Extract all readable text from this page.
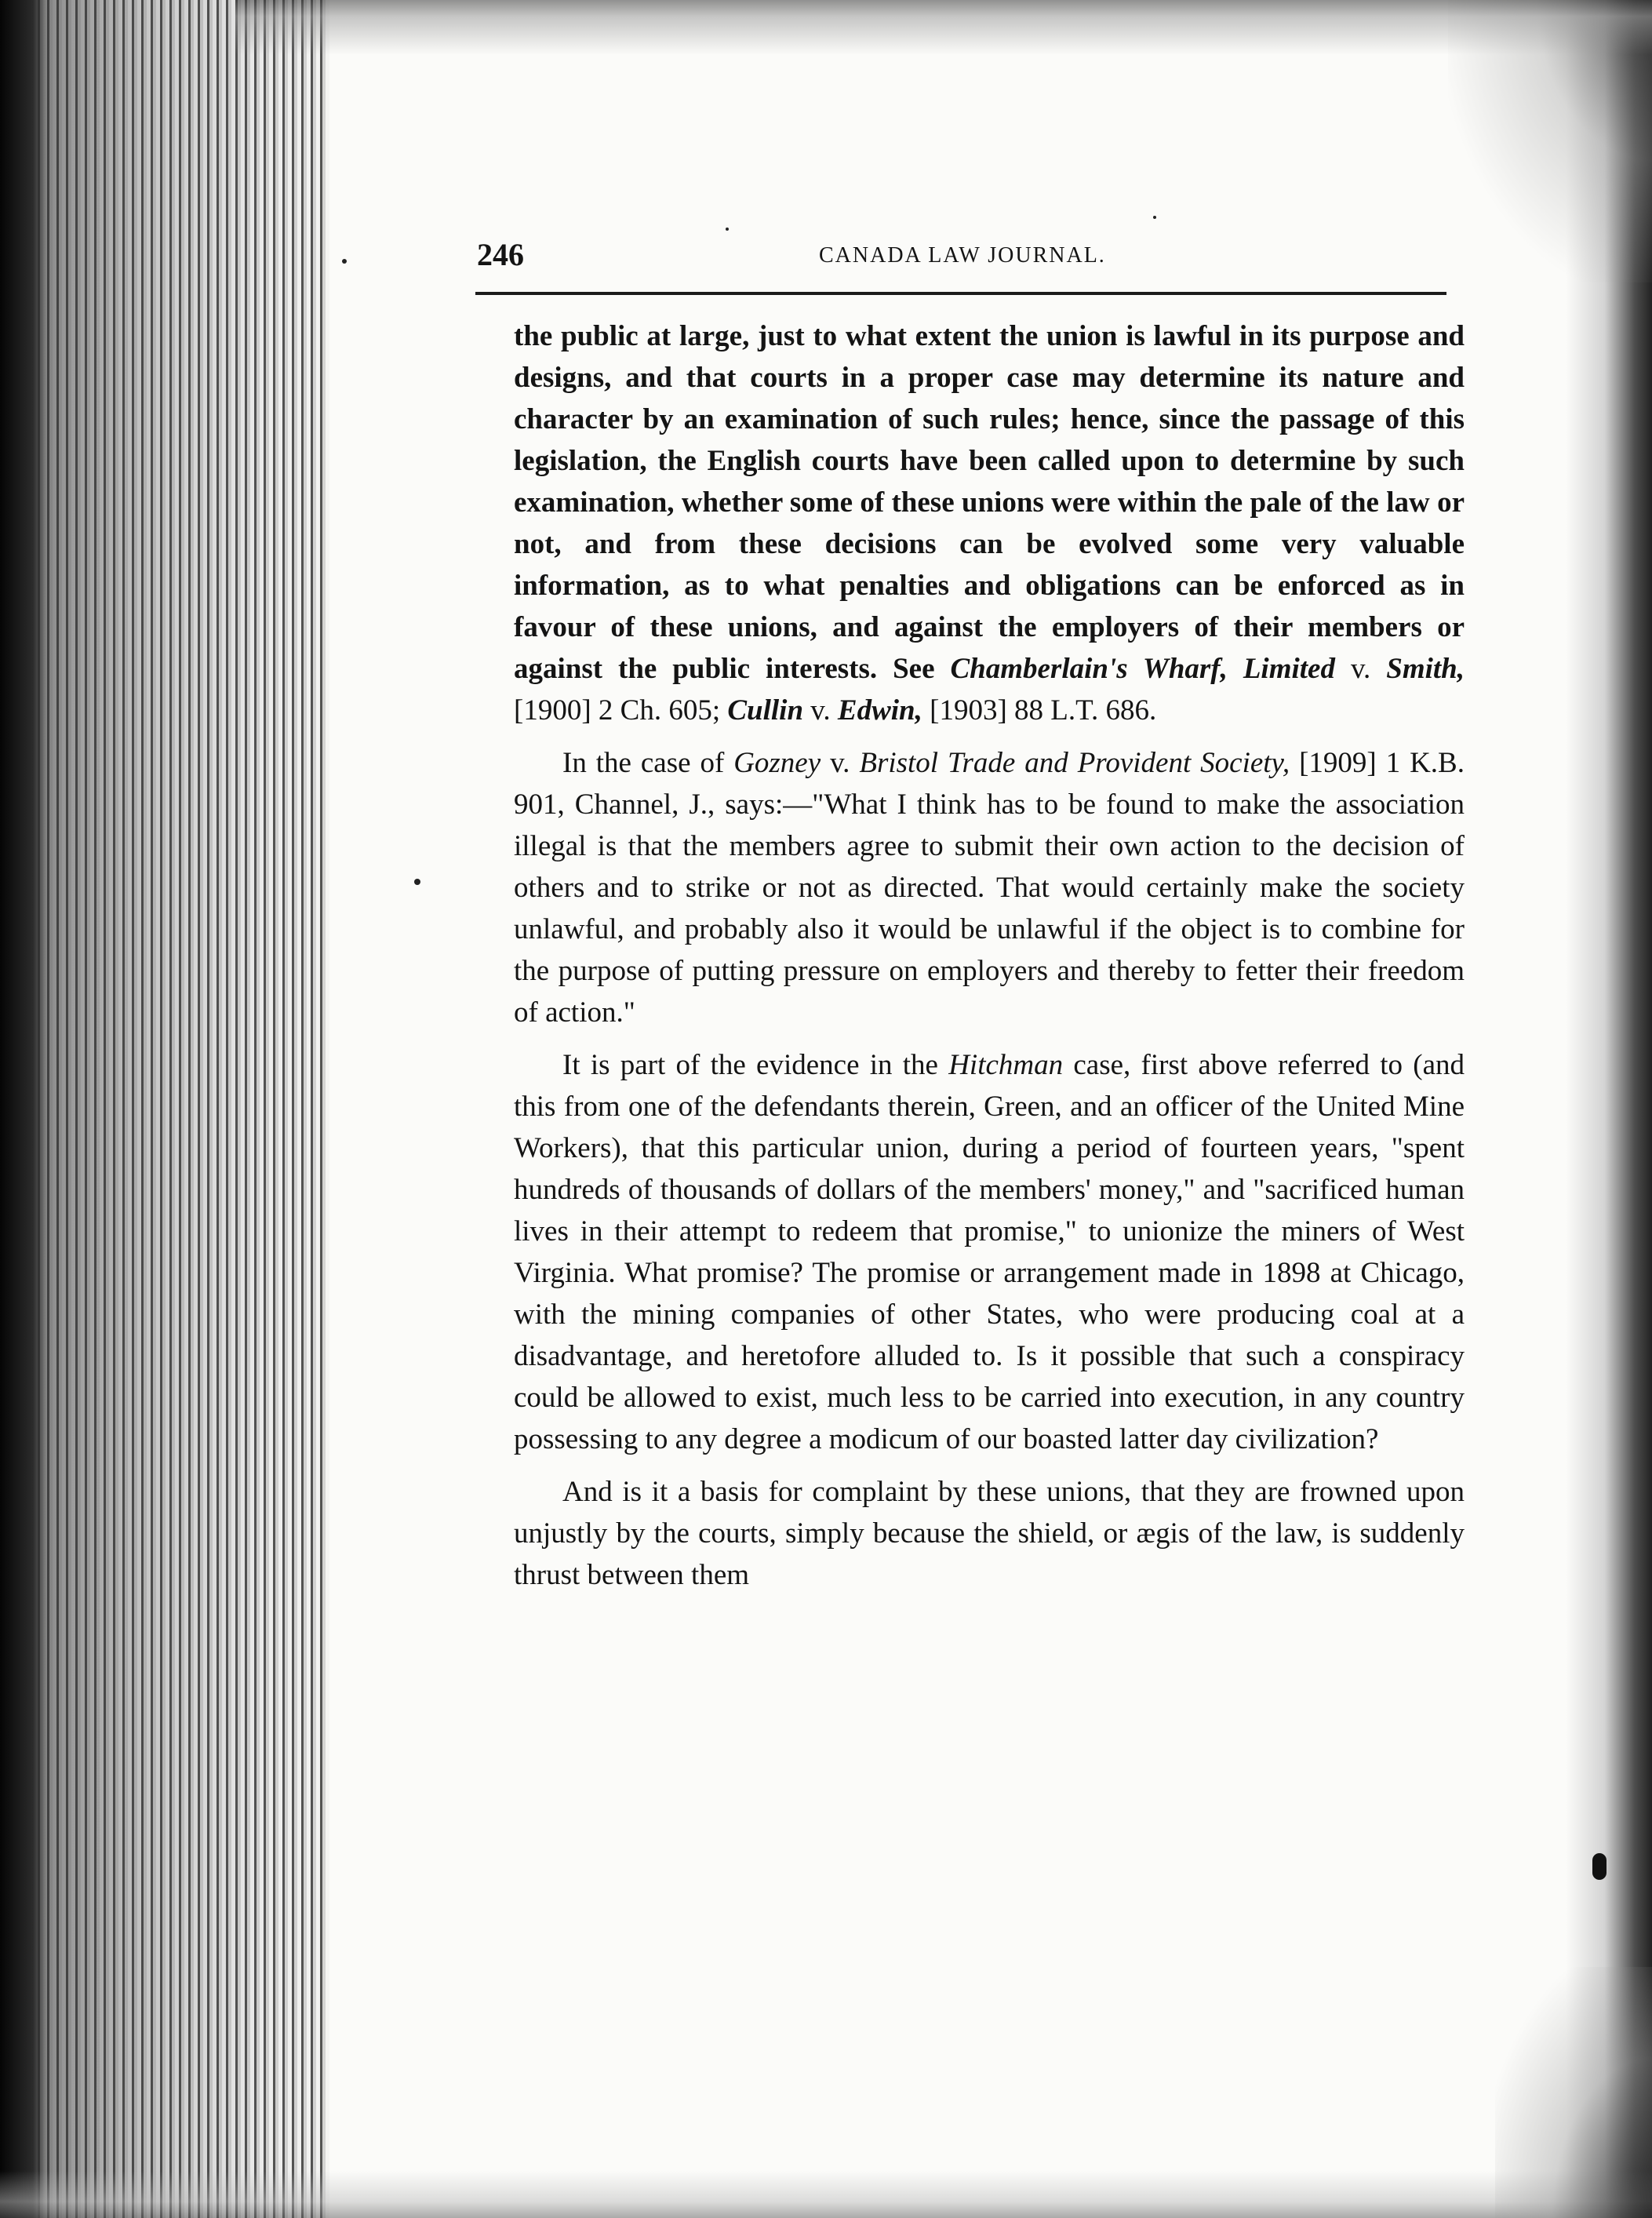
246	CANADA LAW JOURNAL.

the public at large, just to what extent the union is lawful in its purpose and designs, and that courts in a proper case may determine its nature and character by an examination of such rules; hence, since the passage of this legislation, the English courts have been called upon to determine by such examination, whether some of these unions were within the pale of the law or not, and from these decisions can be evolved some very valuable information, as to what penalties and obligations can be enforced as in favour of these unions, and against the employers of their members or against the public interests. See Chamberlain's Wharf, Limited v. Smith, [1900] 2 Ch. 605; Cullin v. Edwin, [1903] 88 L.T. 686.

In the case of Gozney v. Bristol Trade and Provident Society, [1909] 1 K.B. 901, Channel, J., says:—"What I think has to be found to make the association illegal is that the members agree to submit their own action to the decision of others and to strike or not as directed. That would certainly make the society unlawful, and probably also it would be unlawful if the object is to combine for the purpose of putting pressure on employers and thereby to fetter their freedom of action."

It is part of the evidence in the Hitchman case, first above referred to (and this from one of the defendants therein, Green, and an officer of the United Mine Workers), that this particular union, during a period of fourteen years, "spent hundreds of thousands of dollars of the members' money," and "sacrificed human lives in their attempt to redeem that promise," to unionize the miners of West Virginia. What promise? The promise or arrangement made in 1898 at Chicago, with the mining companies of other States, who were producing coal at a disadvantage, and heretofore alluded to. Is it possible that such a conspiracy could be allowed to exist, much less to be carried into execution, in any country possessing to any degree a modicum of our boasted latter day civilization?

And is it a basis for complaint by these unions, that they are frowned upon unjustly by the courts, simply because the shield, or ægis of the law, is suddenly thrust between them
